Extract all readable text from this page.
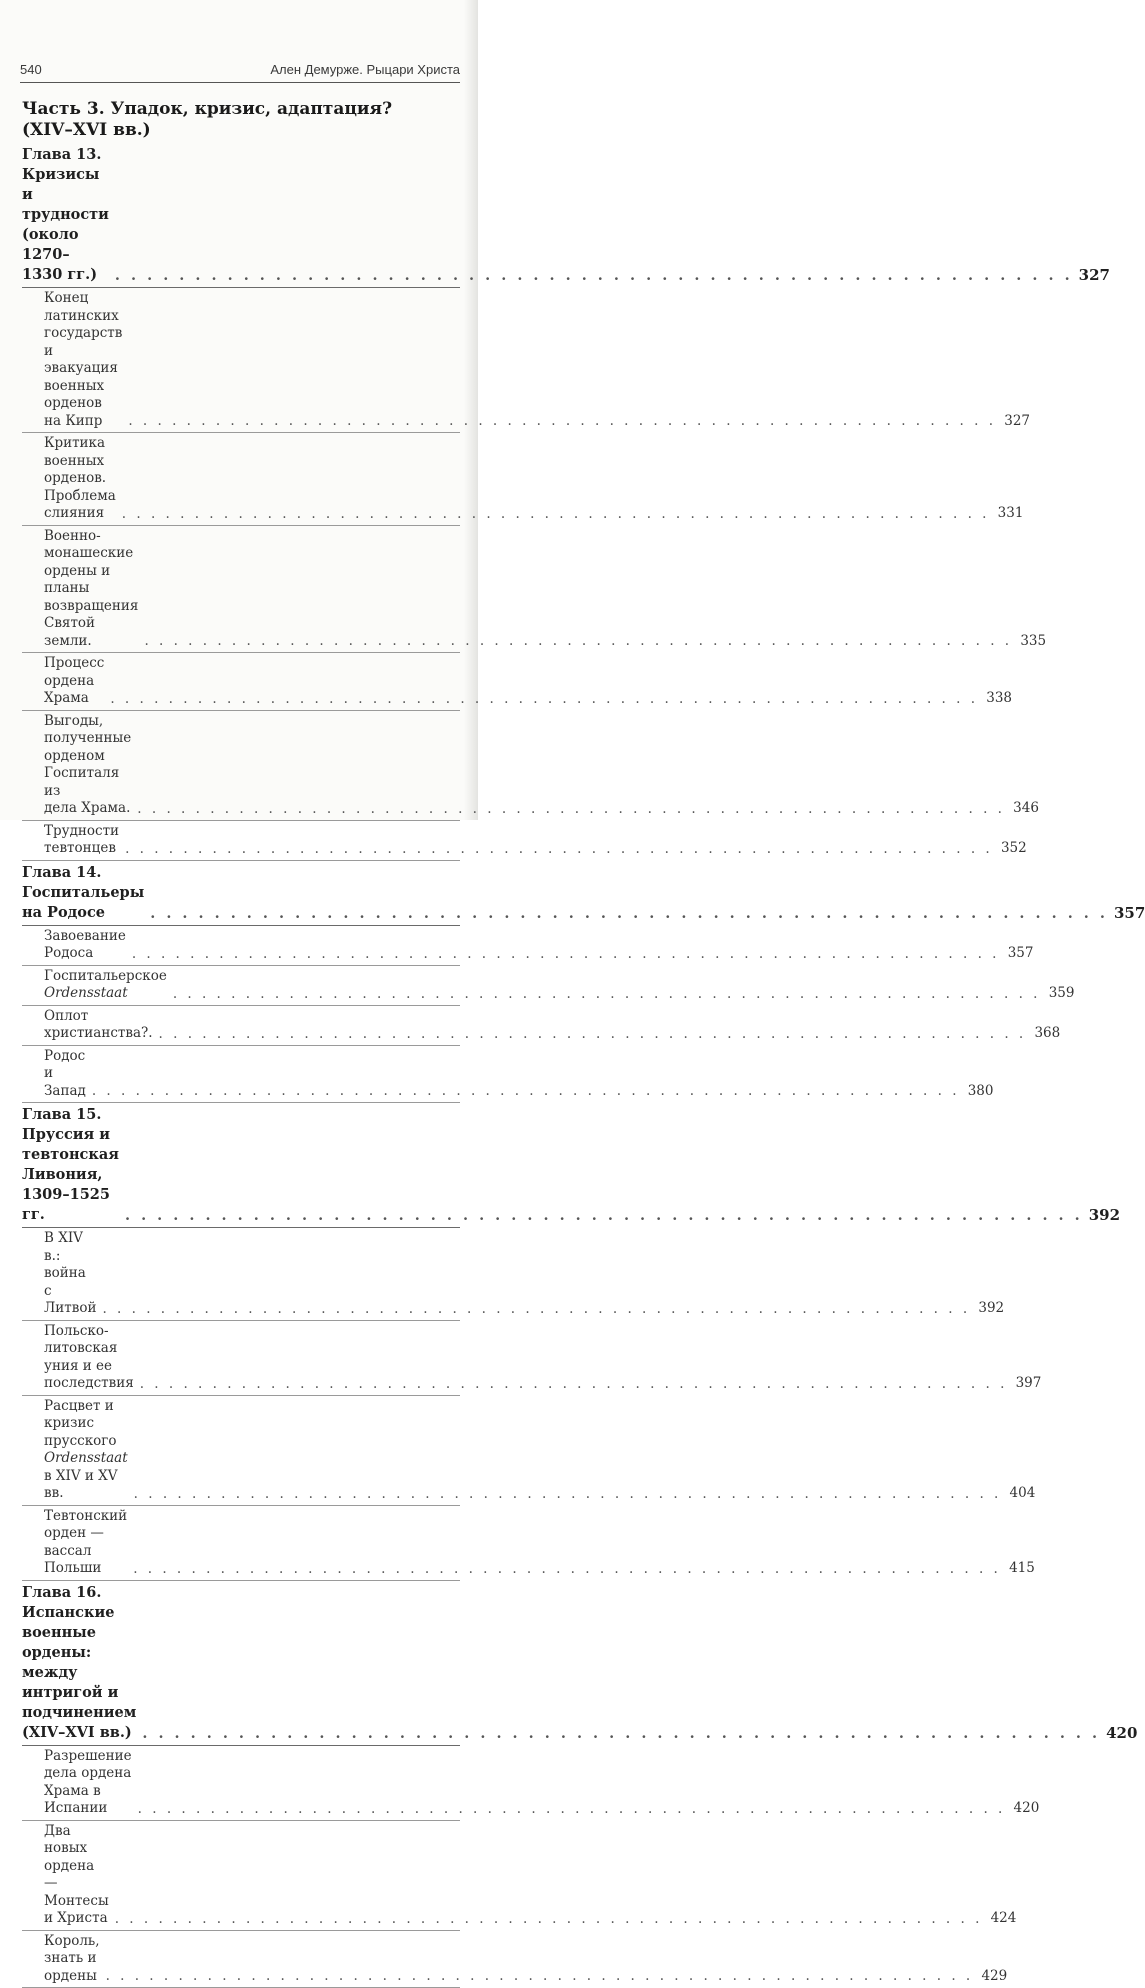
540	Ален Демурже. Рыцари Христа
Часть 3. Упадок, кризис, адаптация?
(XIV–XVI вв.)
Глава 13. Кризисы и трудности
(около 1270–1330 гг.) . . .	327
Конец латинских государств и эвакуация
военных орденов на Кипр . . .	327
Критика военных орденов. Проблема слияния . . .	331
Военно-монашеские ордены и планы
возвращения Святой земли. . . .	335
Процесс ордена Храма . . .	338
Выгоды, полученные орденом Госпиталя из
дела Храма. . . .	346
Трудности тевтонцев . . .	352
Глава 14. Госпитальеры на Родосе . . .	357
Завоевание Родоса . . .	357
Госпитальерское Ordensstaat . . .	359
Оплот христианства?. . . .	368
Родос и Запад . . .	380
Глава 15. Пруссия и тевтонская Ливония,
1309–1525 гг. . . .	392
В XIV в.: война с Литвой . . .	392
Польско-литовская уния и ее последствия . . .	397
Расцвет и кризис прусского
Ordensstaat в XIV и XV вв. . . .	404
Тевтонский орден — вассал Польши . . .	415
Глава 16. Испанские военные ордены: между
интригой и подчинением (XIV–XVI вв.) . . .	420
Разрешение дела ордена Храма в Испании . . .	420
Два новых ордена — Монтесы и Христа . . .	424
Король, знать и ордены . . .	429
